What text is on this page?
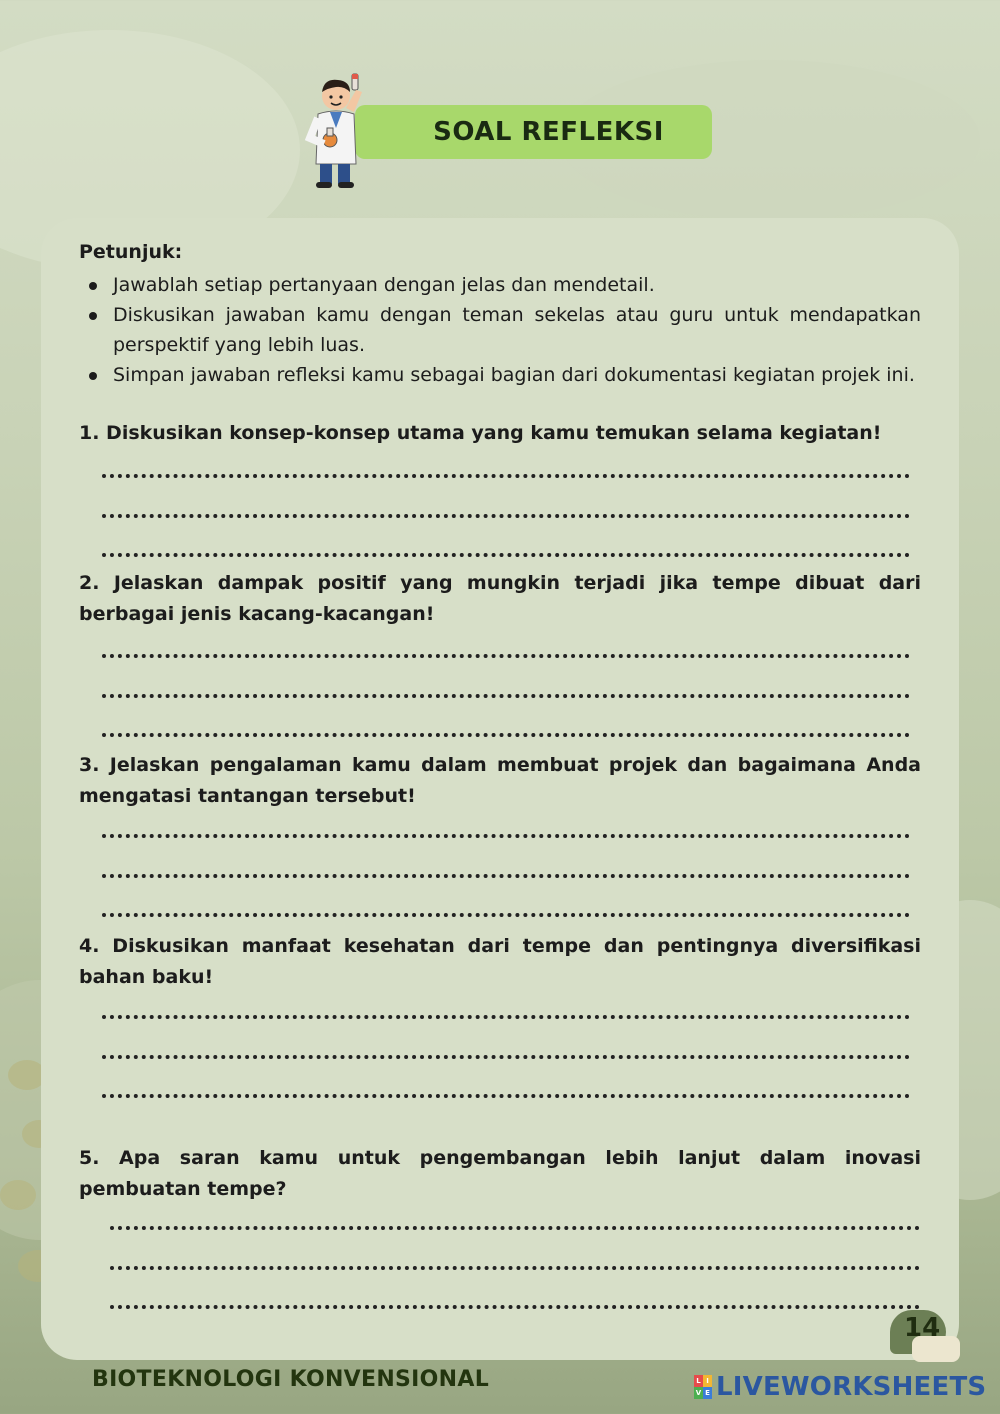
SOAL REFLEKSI
Petunjuk:
Jawablah setiap pertanyaan dengan jelas dan mendetail.
Diskusikan jawaban kamu dengan teman sekelas atau guru untuk mendapatkan perspektif yang lebih luas.
Simpan jawaban refleksi kamu sebagai bagian dari dokumentasi kegiatan projek ini.
1. Diskusikan konsep-konsep utama yang kamu temukan selama kegiatan!
2. Jelaskan dampak positif yang mungkin terjadi jika tempe dibuat dari berbagai jenis kacang-kacangan!
3. Jelaskan pengalaman kamu dalam membuat projek dan bagaimana Anda mengatasi tantangan tersebut!
4. Diskusikan manfaat kesehatan dari tempe dan pentingnya diversifikasi bahan baku!
5. Apa saran kamu untuk pengembangan lebih lanjut dalam inovasi pembuatan tempe?
BIOTEKNOLOGI KONVENSIONAL
14
L I
V E LIVEWORKSHEETS
